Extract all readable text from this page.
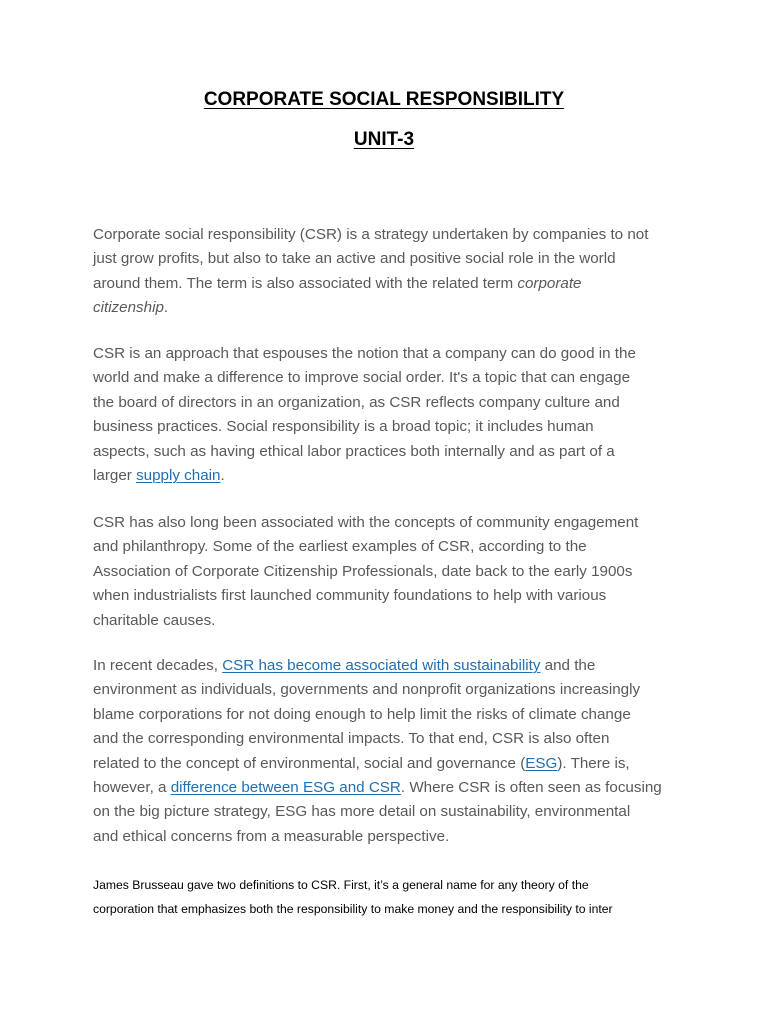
CORPORATE SOCIAL RESPONSIBILITY
UNIT-3

Corporate social responsibility (CSR) is a strategy undertaken by companies to not
just grow profits, but also to take an active and positive social role in the world
around them. The term is also associated with the related term corporate
citizenship.

CSR is an approach that espouses the notion that a company can do good in the
world and make a difference to improve social order. It's a topic that can engage
the board of directors in an organization, as CSR reflects company culture and
business practices. Social responsibility is a broad topic; it includes human
aspects, such as having ethical labor practices both internally and as part of a
larger supply chain.

CSR has also long been associated with the concepts of community engagement
and philanthropy. Some of the earliest examples of CSR, according to the
Association of Corporate Citizenship Professionals, date back to the early 1900s
when industrialists first launched community foundations to help with various
charitable causes.

In recent decades, CSR has become associated with sustainability and the
environment as individuals, governments and nonprofit organizations increasingly
blame corporations for not doing enough to help limit the risks of climate change
and the corresponding environmental impacts. To that end, CSR is also often
related to the concept of environmental, social and governance (ESG). There is,
however, a difference between ESG and CSR. Where CSR is often seen as focusing
on the big picture strategy, ESG has more detail on sustainability, environmental
and ethical concerns from a measurable perspective.

James Brusseau gave two definitions to CSR. First, it’s a general name for any theory of the
corporation that emphasizes both the responsibility to make money and the responsibility to inter
